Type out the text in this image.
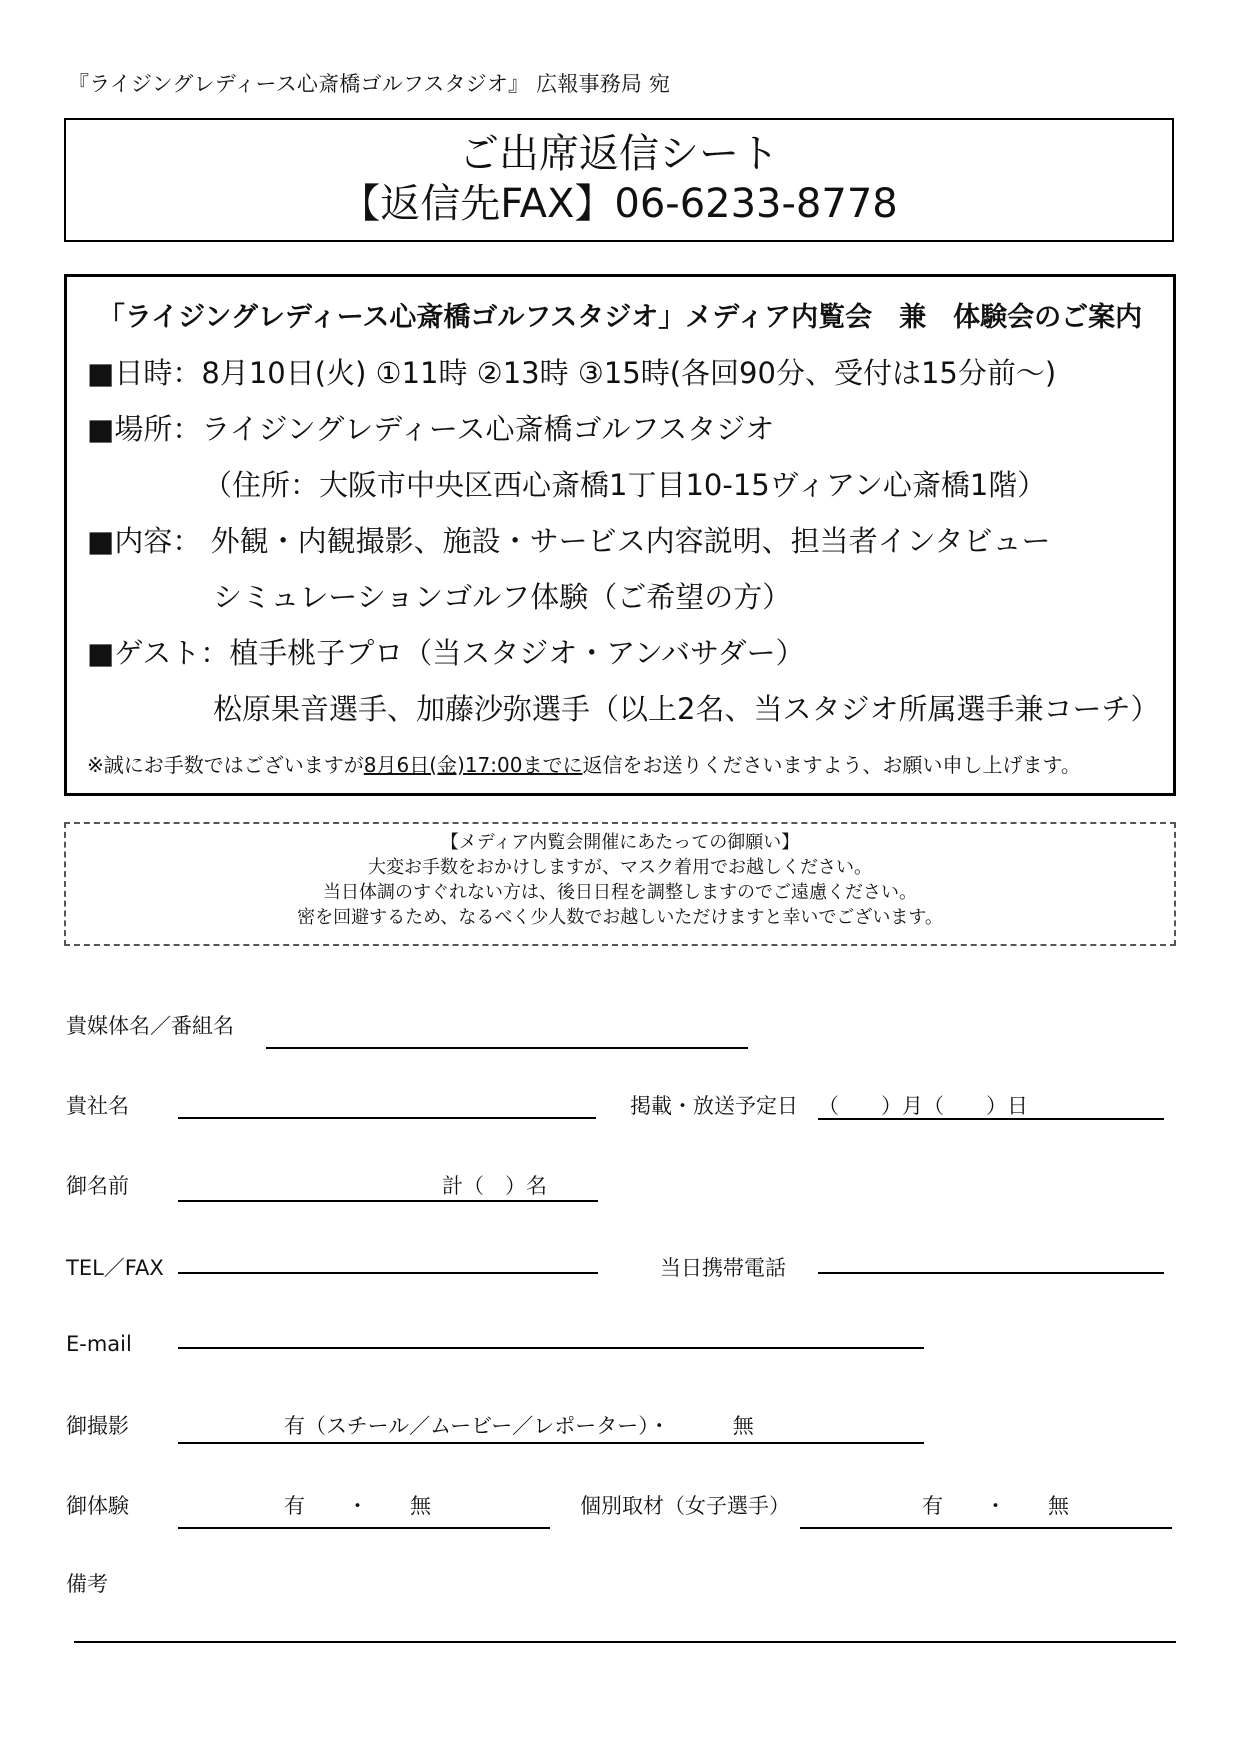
『ライジングレディース心斎橋ゴルフスタジオ』 広報事務局 宛
ご出席返信シート
【返信先FAX】06-6233-8778
「ライジングレディース心斎橋ゴルフスタジオ」メディア内覧会　兼　体験会のご案内
■日時：8月10日(火) ①11時 ②13時 ③15時(各回90分、受付は15分前～)
■場所：ライジングレディース心斎橋ゴルフスタジオ
（住所：大阪市中央区西心斎橋1丁目10-15ヴィアン心斎橋1階）
■内容： 外観・内観撮影、施設・サービス内容説明、担当者インタビュー
シミュレーションゴルフ体験（ご希望の方）
■ゲスト：植手桃子プロ（当スタジオ・アンバサダー）
松原果音選手、加藤沙弥選手（以上2名、当スタジオ所属選手兼コーチ）
※誠にお手数ではございますが8月6日(金)17:00までに返信をお送りくださいますよう、お願い申し上げます。
【メディア内覧会開催にあたっての御願い】
大変お手数をおかけしますが、マスク着用でお越しください。
当日体調のすぐれない方は、後日日程を調整しますのでご遠慮ください。
密を回避するため、なるべく少人数でお越しいただけますと幸いでございます。
貴媒体名／番組名
貴社名	掲載・放送予定日 （　　）月（　　）日
御名前	計（　）名
TEL／FAX	当日携帯電話
E-mail
御撮影	有（スチール／ムービー／レポーター）・　　　無
御体験	有　　・　　無	個別取材（女子選手）	有　　・　　無
備考
